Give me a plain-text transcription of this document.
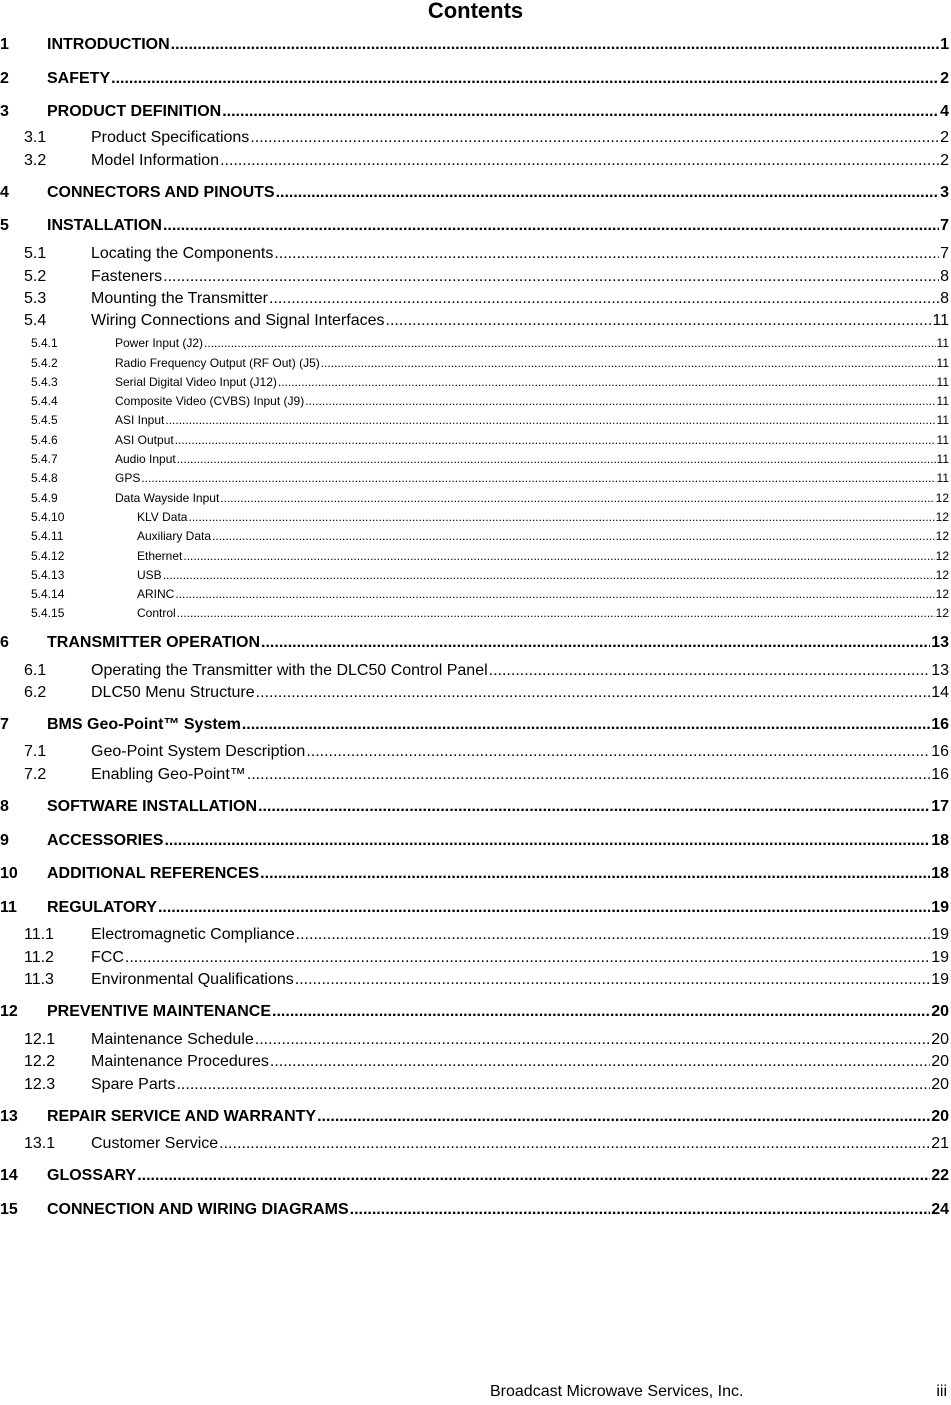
Contents
1	INTRODUCTION .....	1
2	SAFETY .....	2
3	PRODUCT DEFINITION .....	4
3.1	Product Specifications .....	2
3.2	Model Information .....	2
4	CONNECTORS AND PINOUTS .....	3
5	INSTALLATION .....	7
5.1	Locating the Components .....	7
5.2	Fasteners .....	8
5.3	Mounting the Transmitter .....	8
5.4	Wiring Connections and Signal Interfaces .....	11
5.4.1	Power Input (J2) .....	11
5.4.2	Radio Frequency Output (RF Out) (J5) .....	11
5.4.3	Serial Digital Video Input (J12) .....	11
5.4.4	Composite Video (CVBS) Input (J9) .....	11
5.4.5	ASI Input .....	11
5.4.6	ASI Output .....	11
5.4.7	Audio Input .....	11
5.4.8	GPS .....	11
5.4.9	Data Wayside Input .....	12
5.4.10	KLV Data .....	12
5.4.11	Auxiliary Data .....	12
5.4.12	Ethernet .....	12
5.4.13	USB .....	12
5.4.14	ARINC .....	12
5.4.15	Control .....	12
6	TRANSMITTER OPERATION .....	13
6.1	Operating the Transmitter with the DLC50 Control Panel .....	13
6.2	DLC50 Menu Structure .....	14
7	BMS Geo-Point™ System .....	16
7.1	Geo-Point System Description .....	16
7.2	Enabling Geo-Point™ .....	16
8	SOFTWARE INSTALLATION .....	17
9	ACCESSORIES .....	18
10	ADDITIONAL REFERENCES .....	18
11	REGULATORY .....	19
11.1	Electromagnetic Compliance .....	19
11.2	FCC .....	19
11.3	Environmental Qualifications .....	19
12	PREVENTIVE MAINTENANCE .....	20
12.1	Maintenance Schedule .....	20
12.2	Maintenance Procedures .....	20
12.3	Spare Parts .....	20
13	REPAIR SERVICE AND WARRANTY .....	20
13.1	Customer Service .....	21
14	GLOSSARY .....	22
15	CONNECTION AND WIRING DIAGRAMS .....	24
Broadcast Microwave Services, Inc.	iii
